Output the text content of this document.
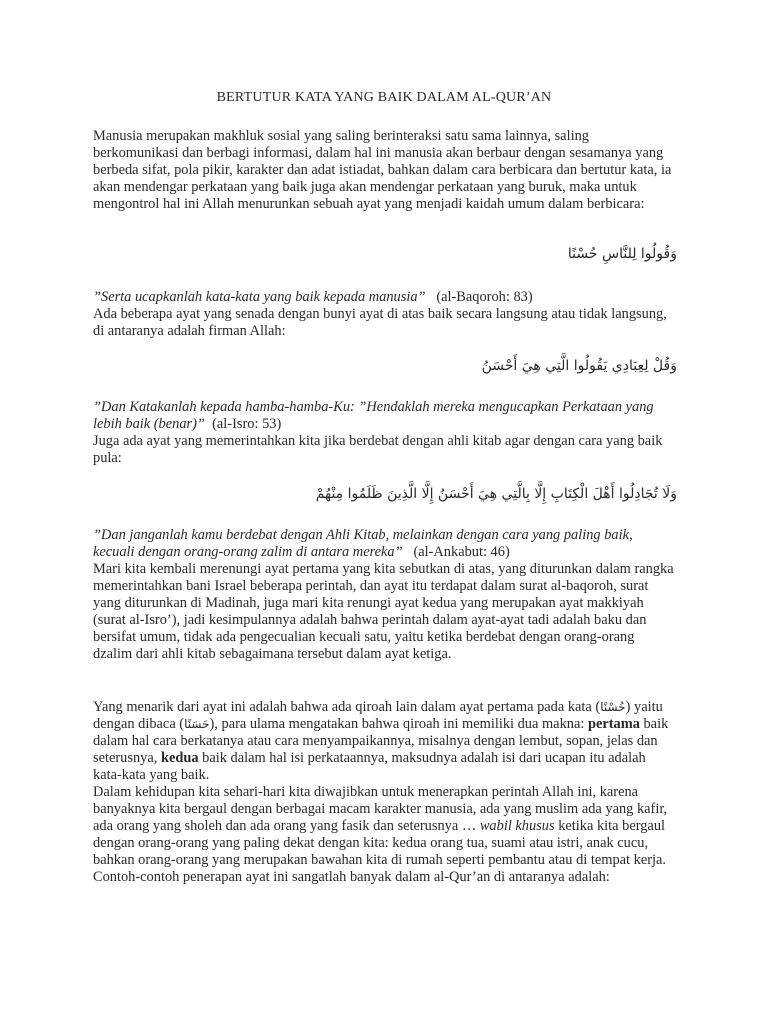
BERTUTUR KATA YANG BAIK DALAM AL-QUR’AN

Manusia merupakan makhluk sosial yang saling berinteraksi satu sama lainnya, saling berkomunikasi dan berbagi informasi, dalam hal ini manusia akan berbaur dengan sesamanya yang berbeda sifat, pola pikir, karakter dan adat istiadat, bahkan dalam cara berbicara dan bertutur kata, ia akan mendengar perkataan yang baik juga akan mendengar perkataan yang buruk, maka untuk mengontrol hal ini Allah menurunkan sebuah ayat yang menjadi kaidah umum dalam berbicara:

وَقُولُوا لِلنَّاسِ حُسْنًا

”Serta ucapkanlah kata-kata yang baik kepada manusia” (al-Baqoroh: 83)

Ada beberapa ayat yang senada dengan bunyi ayat di atas baik secara langsung atau tidak langsung, di antaranya adalah firman Allah:

وَقُلْ لِعِبَادِي يَقُولُوا الَّتِي هِيَ أَحْسَنُ

”Dan Katakanlah kepada hamba-hamba-Ku: ”Hendaklah mereka mengucapkan Perkataan yang lebih baik (benar)” (al-Isro: 53)

Juga ada ayat yang memerintahkan kita jika berdebat dengan ahli kitab agar dengan cara yang baik pula:

وَلَا تُجَادِلُوا أَهْلَ الْكِتَابِ إِلَّا بِالَّتِي هِيَ أَحْسَنُ إِلَّا الَّذِينَ ظَلَمُوا مِنْهُمْ

”Dan janganlah kamu berdebat dengan Ahli Kitab, melainkan dengan cara yang paling baik, kecuali dengan orang-orang zalim di antara mereka” (al-Ankabut: 46)

Mari kita kembali merenungi ayat pertama yang kita sebutkan di atas, yang diturunkan dalam rangka memerintahkan bani Israel beberapa perintah, dan ayat itu terdapat dalam surat al-baqoroh, surat yang diturunkan di Madinah, juga mari kita renungi ayat kedua yang merupakan ayat makkiyah (surat al-Isro’), jadi kesimpulannya adalah bahwa perintah dalam ayat-ayat tadi adalah baku dan bersifat umum, tidak ada pengecualian kecuali satu, yaitu ketika berdebat dengan orang-orang dzalim dari ahli kitab sebagaimana tersebut dalam ayat ketiga.

Yang menarik dari ayat ini adalah bahwa ada qiroah lain dalam ayat pertama pada kata (حُسْنًا) yaitu dengan dibaca (حَسَنًا), para ulama mengatakan bahwa qiroah ini memiliki dua makna: pertama baik dalam hal cara berkatanya atau cara menyampaikannya, misalnya dengan lembut, sopan, jelas dan seterusnya, kedua baik dalam hal isi perkataannya, maksudnya adalah isi dari ucapan itu adalah kata-kata yang baik.

Dalam kehidupan kita sehari-hari kita diwajibkan untuk menerapkan perintah Allah ini, karena banyaknya kita bergaul dengan berbagai macam karakter manusia, ada yang muslim ada yang kafir, ada orang yang sholeh dan ada orang yang fasik dan seterusnya … wabil khusus ketika kita bergaul dengan orang-orang yang paling dekat dengan kita: kedua orang tua, suami atau istri, anak cucu, bahkan orang-orang yang merupakan bawahan kita di rumah seperti pembantu atau di tempat kerja.

Contoh-contoh penerapan ayat ini sangatlah banyak dalam al-Qur’an di antaranya adalah:
